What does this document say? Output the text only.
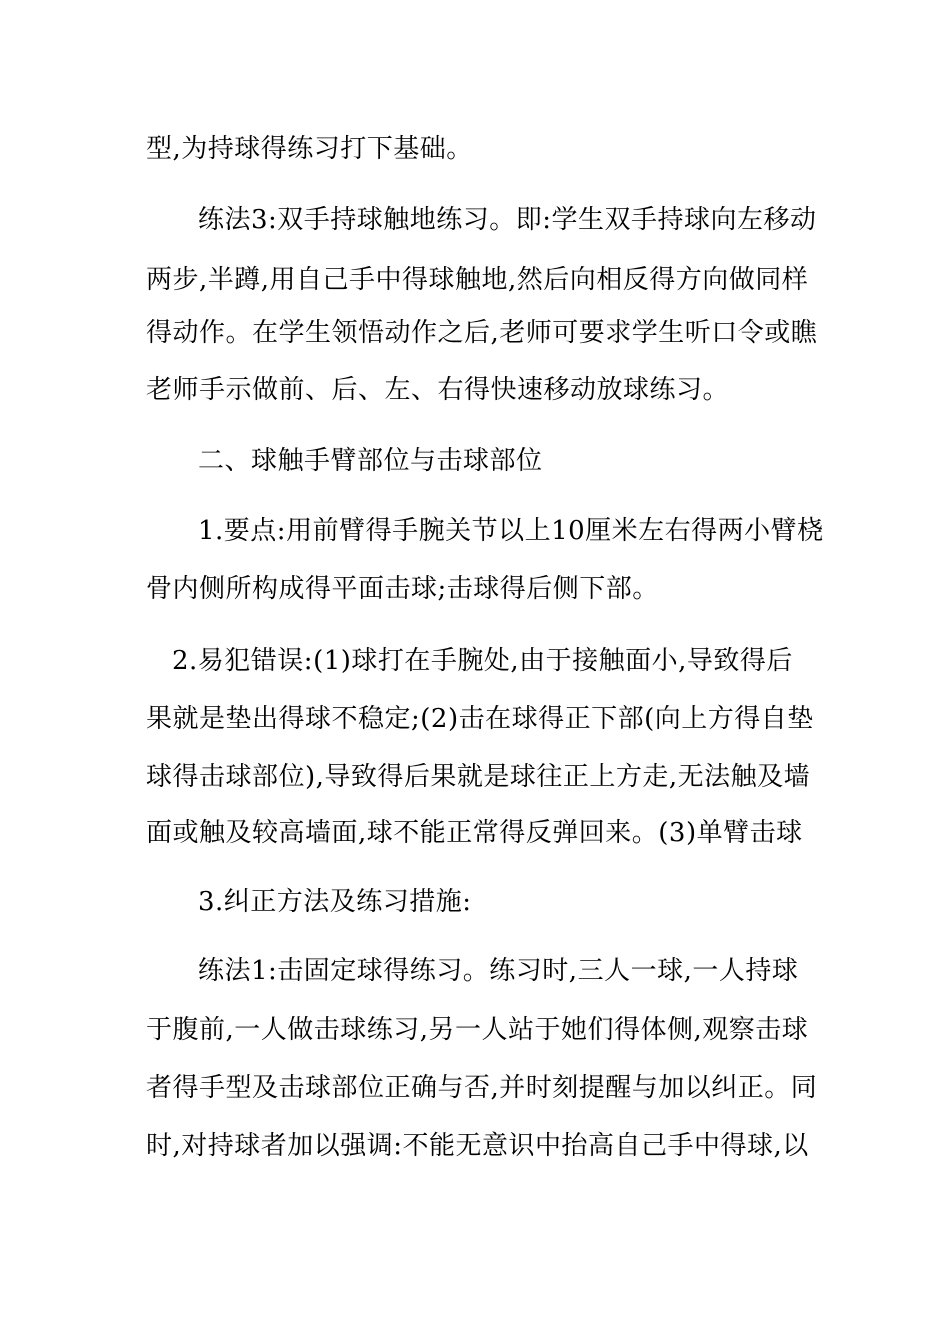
型,为持球得练习打下基础。
练法3:双手持球触地练习。即:学生双手持球向左移动
两步,半蹲,用自己手中得球触地,然后向相反得方向做同样
得动作。在学生领悟动作之后,老师可要求学生听口令或瞧
老师手示做前、后、左、右得快速移动放球练习。
二、球触手臂部位与击球部位
1.要点:用前臂得手腕关节以上10厘米左右得两小臂桡
骨内侧所构成得平面击球;击球得后侧下部。
2.易犯错误:(1)球打在手腕处,由于接触面小,导致得后
果就是垫出得球不稳定;(2)击在球得正下部(向上方得自垫
球得击球部位),导致得后果就是球往正上方走,无法触及墙
面或触及较高墙面,球不能正常得反弹回来。(3)单臂击球
3.纠正方法及练习措施:
练法1:击固定球得练习。练习时,三人一球,一人持球
于腹前,一人做击球练习,另一人站于她们得体侧,观察击球
者得手型及击球部位正确与否,并时刻提醒与加以纠正。同
时,对持球者加以强调:不能无意识中抬高自己手中得球,以
